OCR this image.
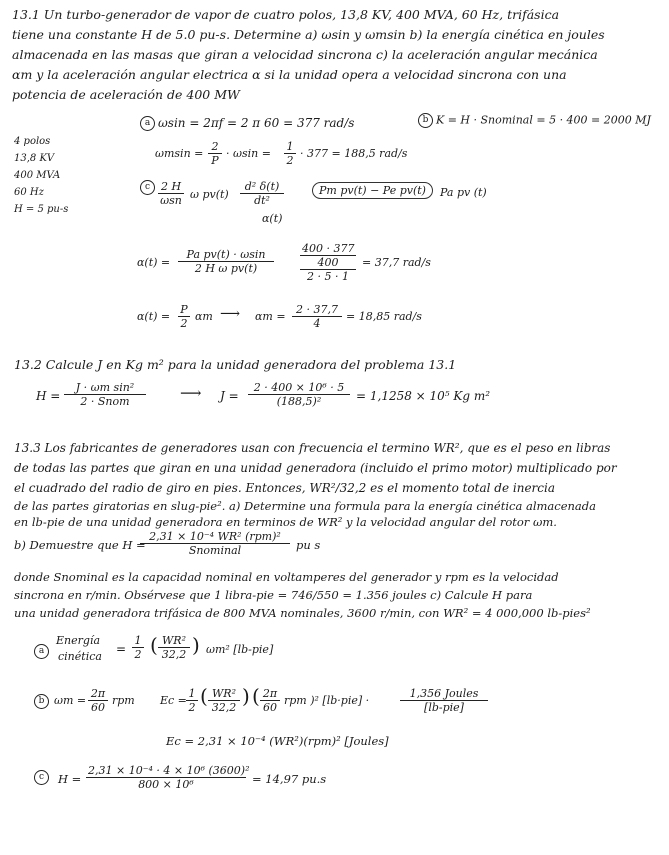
13.1 Un turbo-generador de vapor de cuatro polos, 13,8 KV, 400 MVA, 60 Hz, trifásica
tiene una constante H de 5.0 pu-s. Determine a) ωsin y ωmsin b) la energía cinética en joules
almacenada en las masas que giran a velocidad sincrona c) la aceleración angular mecánica
αm y la aceleración angular electrica α si la unidad opera a velocidad sincrona con una
potencia de aceleración de 400 MW
4 polos
13,8 KV
400 MVA
60 Hz
H = 5 pu-s
a ωsin = 2πf = 2 π 60 = 377 rad/s
$\omega msin = \frac{2}{P} \cdot \omega\sin = \frac{1}{2} \cdot 377 = 188,5$ rad/s
b K = H · Snominal = 5 · 400 = 2000 MJ
c 2 H
ωsn ω $pv(t) \frac{\text{d² δ(t)}}{\text{dt²}}$	Pm pv(t) − Pe pv(t)	Pa pv (t)
α(t)
$\alpha(t) = \frac{\text{Pa pv(t) · ωsin}}{\text{2 H ω pv(t)}}$	400 · 377
400
2 · 5 · 1
= 37,7 rad/s
$\alpha(t) = \frac{P}{2}$ αm ⟶ $\alpha m = \frac{2 \cdot 37,7}{4} = 18,85$ rad/s
13.2 Calcule J en Kg m² para la unidad generadora del problema 13.1
H =
J · ωm sin²
2 · Snom	⟶ $J = \frac{\text{2 · 400 × 10⁶ · 5}}{\text{(188,5)²}} = 1,1258 \times 10^5$ Kg m²
13.3 Los fabricantes de generadores usan con frecuencia el termino WR², que es el peso en libras
de todas las partes que giran en una unidad generadora (incluido el primo motor) multiplicado por
el cuadrado del radio de giro en pies. Entonces, WR²/32,2 es el momento total de inercia
de las partes giratorias en slug-pie². a) Determine una formula para la energía cinética almacenada
en lb-pie de una unidad generadora en terminos de WR² y la velocidad angular del rotor ωm.
b) Demuestre que H =
2,31 × 10⁻⁴ WR² (rpm)²
Snominal	pu s
donde Snominal es la capacidad nominal en voltamperes del generador y rpm es la velocidad
sincrona en r/min. Obsérvese que 1 libra-pie = 746/550 = 1.356 joules c) Calcule H para
una unidad generadora trifásica de 800 MVA nominales, 3600 r/min, con WR² = 4 000,000 lb-pies²
a
Energía
cinética
= $\frac{1}{2}$ ( $\frac{\text{WR²}}{32,2}$ ) ωm² [lb-pie]
b $\omega m = \frac{2\pi}{60}$ rpm $Ec = \frac{1}{2}$ ( $\frac{\text{WR²}}{32,2}$ ) ( $\frac{2\pi}{60}$ rpm )² [lb·pie] ·
1,356 Joules
[lb-pie]
Ec = 2,31 × 10⁻⁴ (WR²)(rpm)² [Joules]
c	$H = \frac{\text{2,31 × 10⁻⁴ · 4 × 10⁶ (3600)²}}{\text{800 × 10⁶}} = 14,97$ pu.s
